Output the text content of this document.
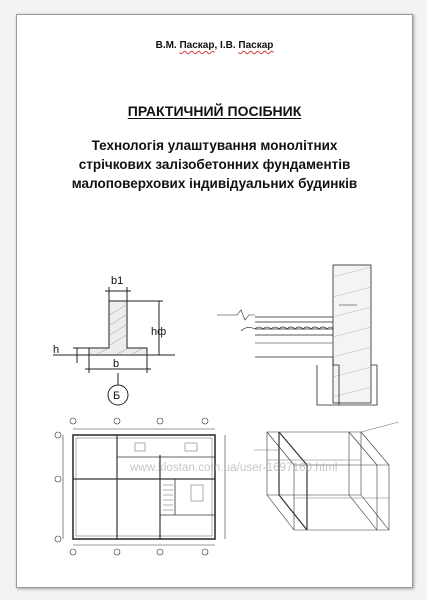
В.М. Паскар, І.В. Паскар
ПРАКТИЧНИЙ ПОСІБНИК
Технологія улаштування монолітних
стрічкових залізобетонних фундаментів
малоповерхових індивідуальних будинків
b1
hф
h
b
Б
www.klostan.com.ua/user-1697160.html
